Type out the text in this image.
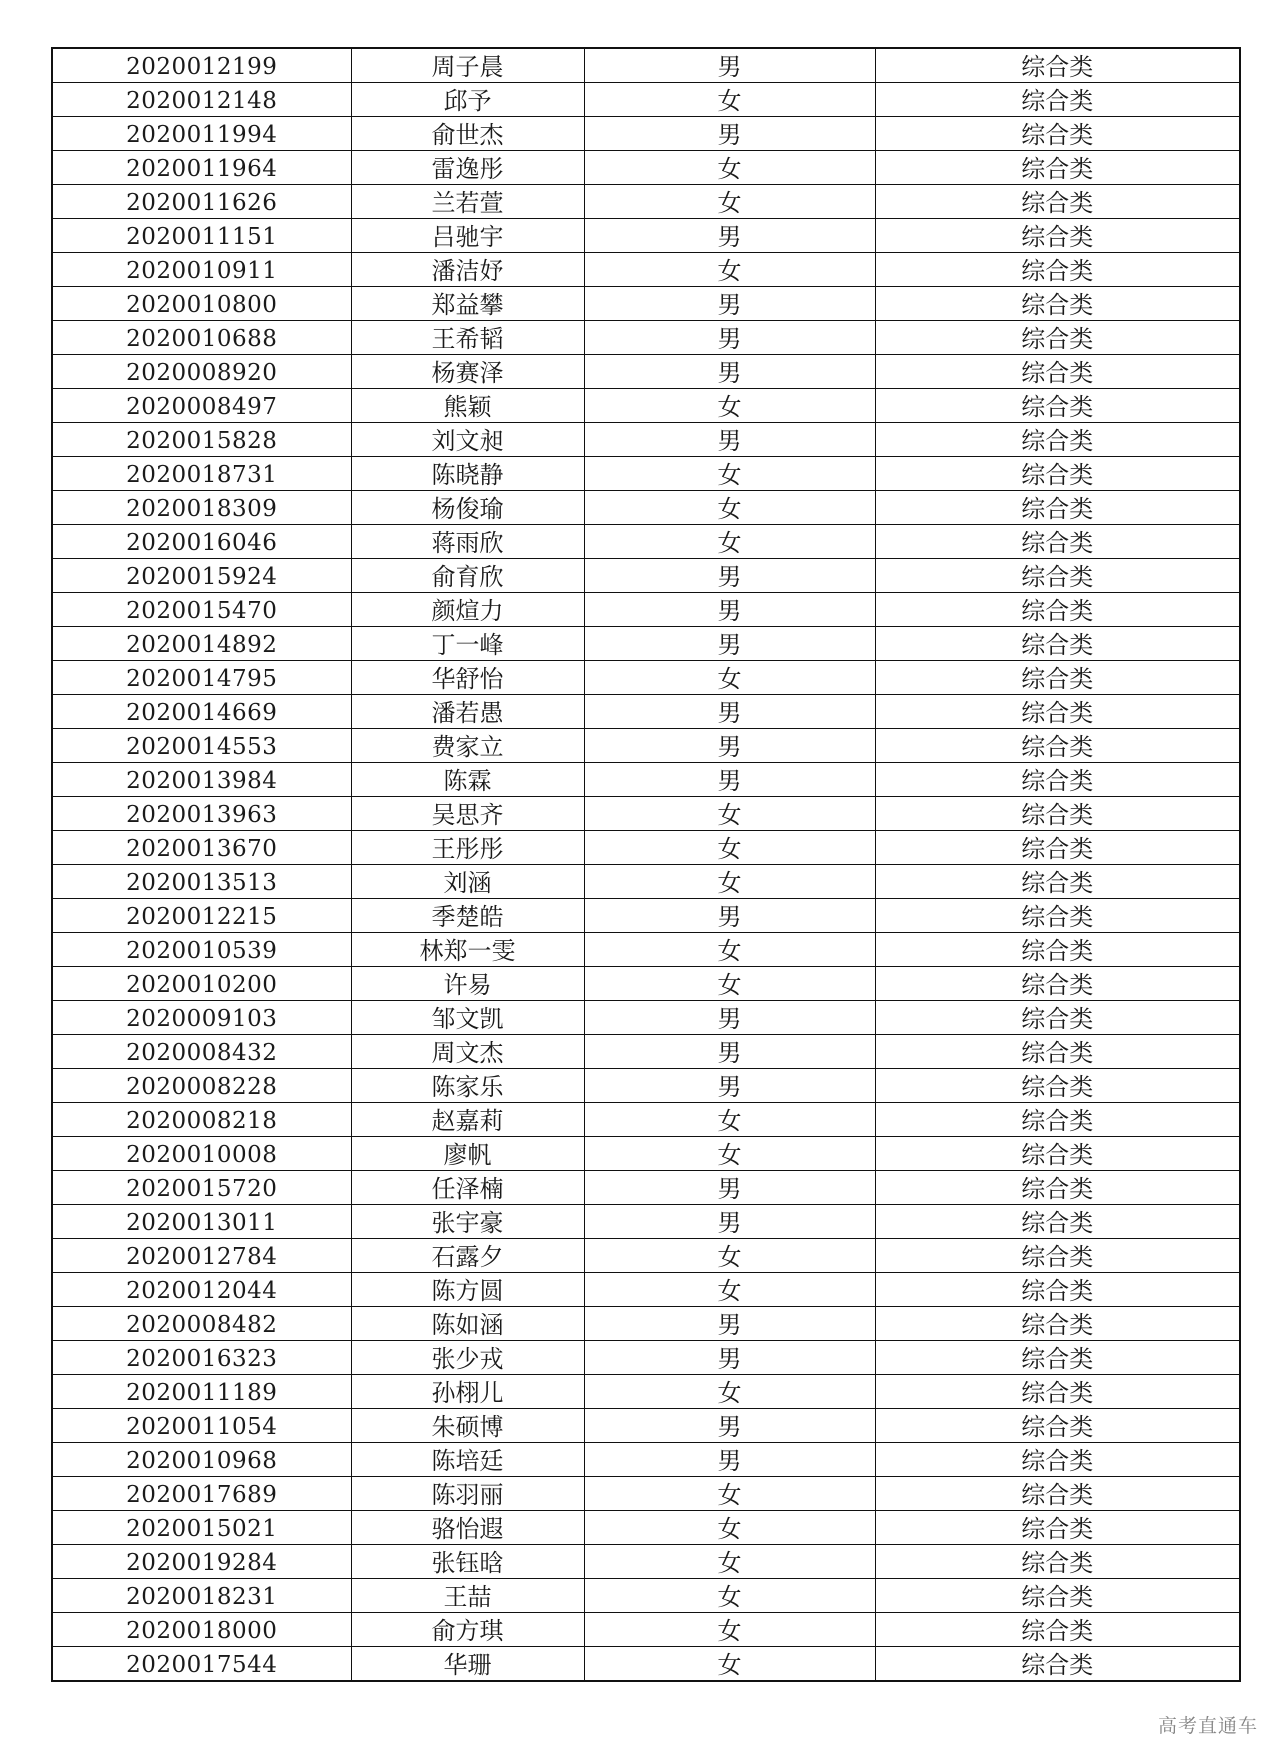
2020012199	周子晨	男	综合类
2020012148	邱予	女	综合类
2020011994	俞世杰	男	综合类
2020011964	雷逸彤	女	综合类
2020011626	兰若萱	女	综合类
2020011151	吕驰宇	男	综合类
2020010911	潘洁妤	女	综合类
2020010800	郑益攀	男	综合类
2020010688	王希韬	男	综合类
2020008920	杨赛泽	男	综合类
2020008497	熊颖	女	综合类
2020015828	刘文昶	男	综合类
2020018731	陈晓静	女	综合类
2020018309	杨俊瑜	女	综合类
2020016046	蒋雨欣	女	综合类
2020015924	俞育欣	男	综合类
2020015470	颜煊力	男	综合类
2020014892	丁一峰	男	综合类
2020014795	华舒怡	女	综合类
2020014669	潘若愚	男	综合类
2020014553	费家立	男	综合类
2020013984	陈霖	男	综合类
2020013963	吴思齐	女	综合类
2020013670	王彤彤	女	综合类
2020013513	刘涵	女	综合类
2020012215	季楚皓	男	综合类
2020010539	林郑一雯	女	综合类
2020010200	许易	女	综合类
2020009103	邹文凯	男	综合类
2020008432	周文杰	男	综合类
2020008228	陈家乐	男	综合类
2020008218	赵嘉莉	女	综合类
2020010008	廖帆	女	综合类
2020015720	任泽楠	男	综合类
2020013011	张宇豪	男	综合类
2020012784	石露夕	女	综合类
2020012044	陈方圆	女	综合类
2020008482	陈如涵	男	综合类
2020016323	张少戎	男	综合类
2020011189	孙栩儿	女	综合类
2020011054	朱硕博	男	综合类
2020010968	陈培廷	男	综合类
2020017689	陈羽丽	女	综合类
2020015021	骆怡遐	女	综合类
2020019284	张钰晗	女	综合类
2020018231	王喆	女	综合类
2020018000	俞方琪	女	综合类
2020017544	华珊	女	综合类
高考直通车
